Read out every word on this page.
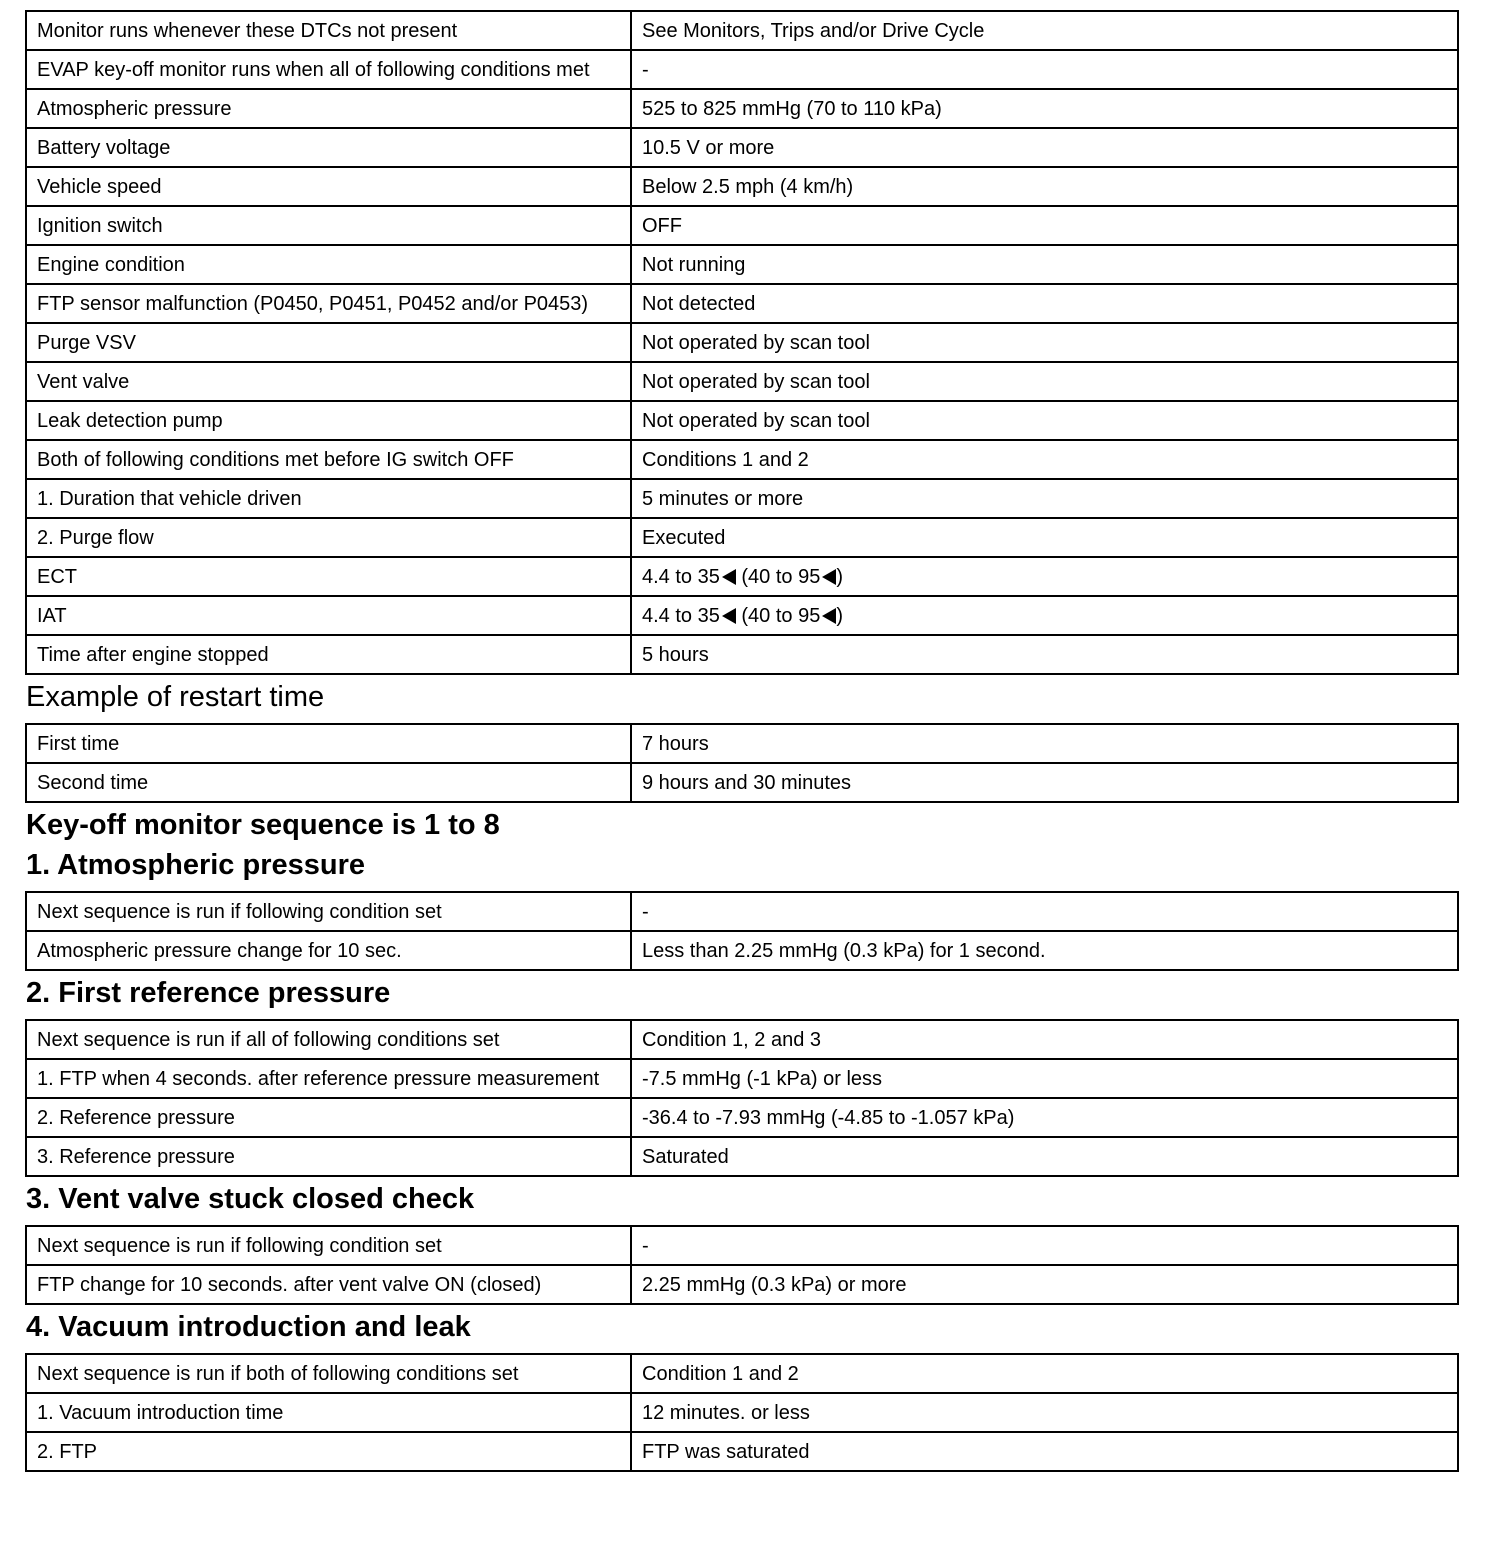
Monitor runs whenever these DTCs not present	See Monitors, Trips and/or Drive Cycle
EVAP key-off monitor runs when all of following conditions met	-
Atmospheric pressure	525 to 825 mmHg (70 to 110 kPa)
Battery voltage	10.5 V or more
Vehicle speed	Below 2.5 mph (4 km/h)
Ignition switch	OFF
Engine condition	Not running
FTP sensor malfunction (P0450, P0451, P0452 and/or P0453)	Not detected
Purge VSV	Not operated by scan tool
Vent valve	Not operated by scan tool
Leak detection pump	Not operated by scan tool
Both of following conditions met before IG switch OFF	Conditions 1 and 2
1. Duration that vehicle driven	5 minutes or more
2. Purge flow	Executed
ECT	4.4 to 35 (40 to 95 )
IAT	4.4 to 35 (40 to 95 )
Time after engine stopped	5 hours
Example of restart time
First time	7 hours
Second time	9 hours and 30 minutes
Key-off monitor sequence is 1 to 8
1. Atmospheric pressure
Next sequence is run if following condition set	-
Atmospheric pressure change for 10 sec.	Less than 2.25 mmHg (0.3 kPa) for 1 second.
2. First reference pressure
Next sequence is run if all of following conditions set	Condition 1, 2 and 3
1. FTP when 4 seconds. after reference pressure measurement	-7.5 mmHg (-1 kPa) or less
2. Reference pressure	-36.4 to -7.93 mmHg (-4.85 to -1.057 kPa)
3. Reference pressure	Saturated
3. Vent valve stuck closed check
Next sequence is run if following condition set	-
FTP change for 10 seconds. after vent valve ON (closed)	2.25 mmHg (0.3 kPa) or more
4. Vacuum introduction and leak
Next sequence is run if both of following conditions set	Condition 1 and 2
1. Vacuum introduction time	12 minutes. or less
2. FTP	FTP was saturated
